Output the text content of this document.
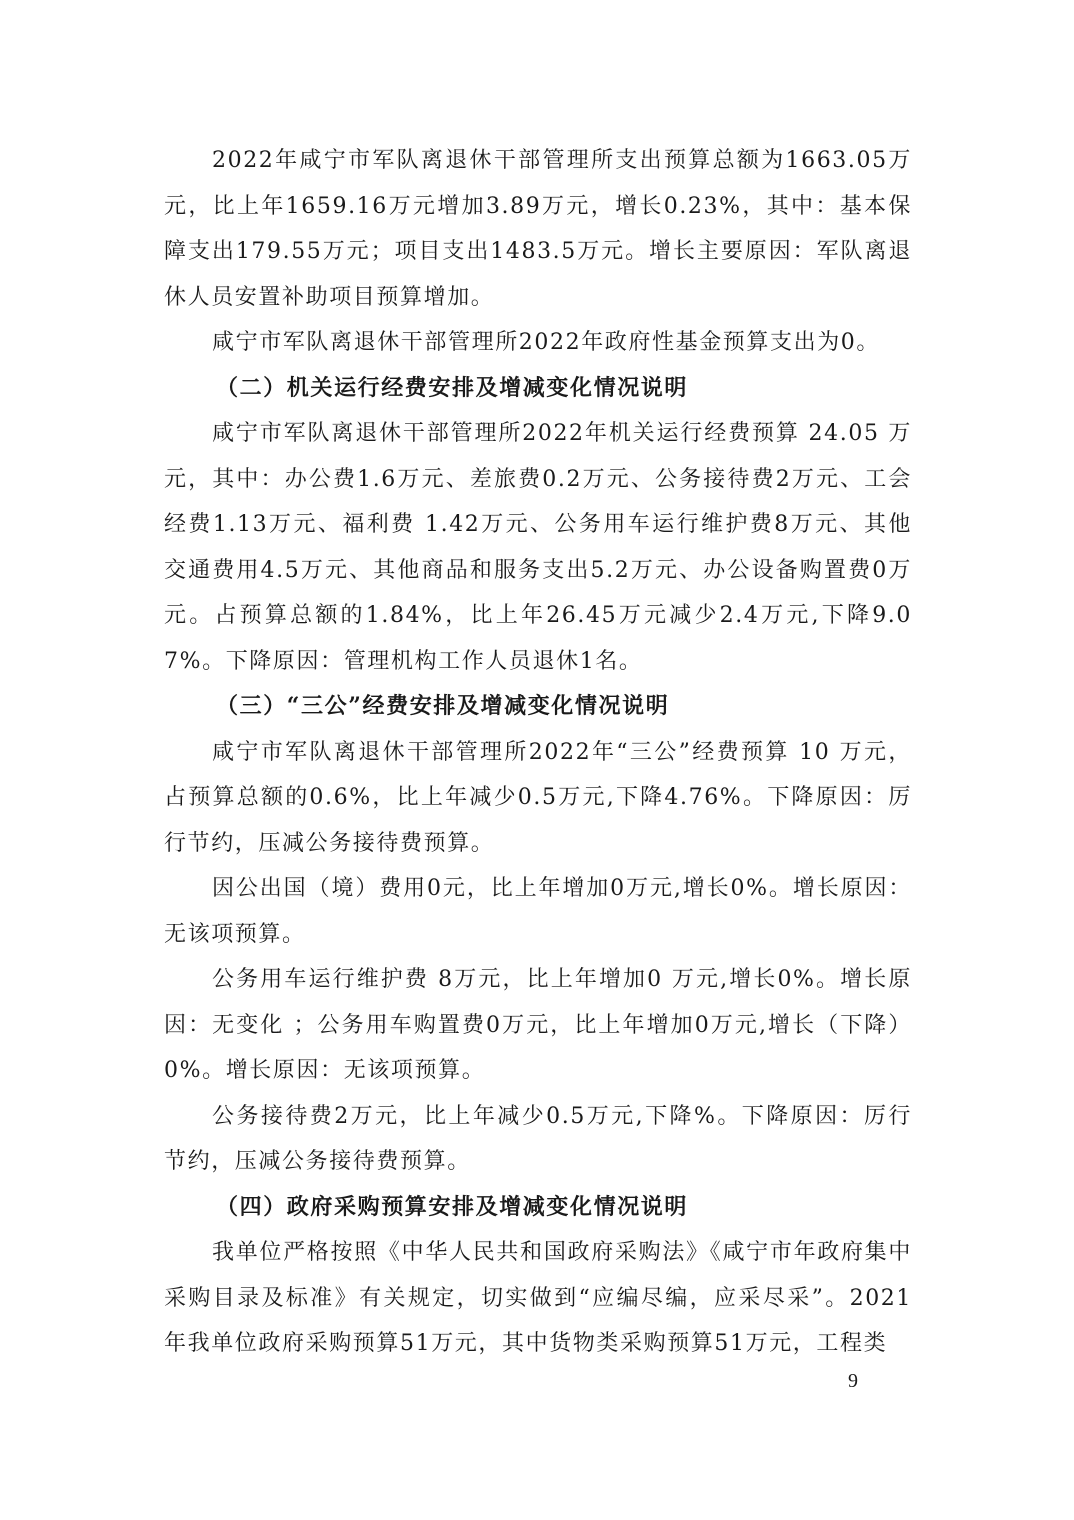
2022年咸宁市军队离退休干部管理所支出预算总额为1663.05万元，比上年1659.16万元增加3.89万元，增长0.23%，其中：基本保障支出179.55万元；项目支出1483.5万元。增长主要原因：军队离退休人员安置补助项目预算增加。

咸宁市军队离退休干部管理所2022年政府性基金预算支出为0。

（二）机关运行经费安排及增减变化情况说明

咸宁市军队离退休干部管理所2022年机关运行经费预算 24.05 万元，其中：办公费1.6万元、差旅费0.2万元、公务接待费2万元、工会经费1.13万元、福利费 1.42万元、公务用车运行维护费8万元、其他交通费用4.5万元、其他商品和服务支出5.2万元、办公设备购置费0万元。占预算总额的1.84%，比上年26.45万元减少2.4万元,下降9.07%。下降原因：管理机构工作人员退休1名。

（三）“三公”经费安排及增减变化情况说明

咸宁市军队离退休干部管理所2022年“三公”经费预算 10 万元，占预算总额的0.6%，比上年减少0.5万元,下降4.76%。下降原因：厉行节约，压减公务接待费预算。

因公出国（境）费用0元，比上年增加0万元,增长0%。增长原因：无该项预算。

公务用车运行维护费 8万元，比上年增加0 万元,增长0%。增长原因：无变化 ；公务用车购置费0万元，比上年增加0万元,增长（下降）0%。增长原因：无该项预算。

公务接待费2万元，比上年减少0.5万元,下降%。下降原因：厉行节约，压减公务接待费预算。

（四）政府采购预算安排及增减变化情况说明

我单位严格按照《中华人民共和国政府采购法》《咸宁市年政府集中采购目录及标准》有关规定，切实做到“应编尽编，应采尽采”。2021年我单位政府采购预算51万元，其中货物类采购预算51万元，工程类

9
